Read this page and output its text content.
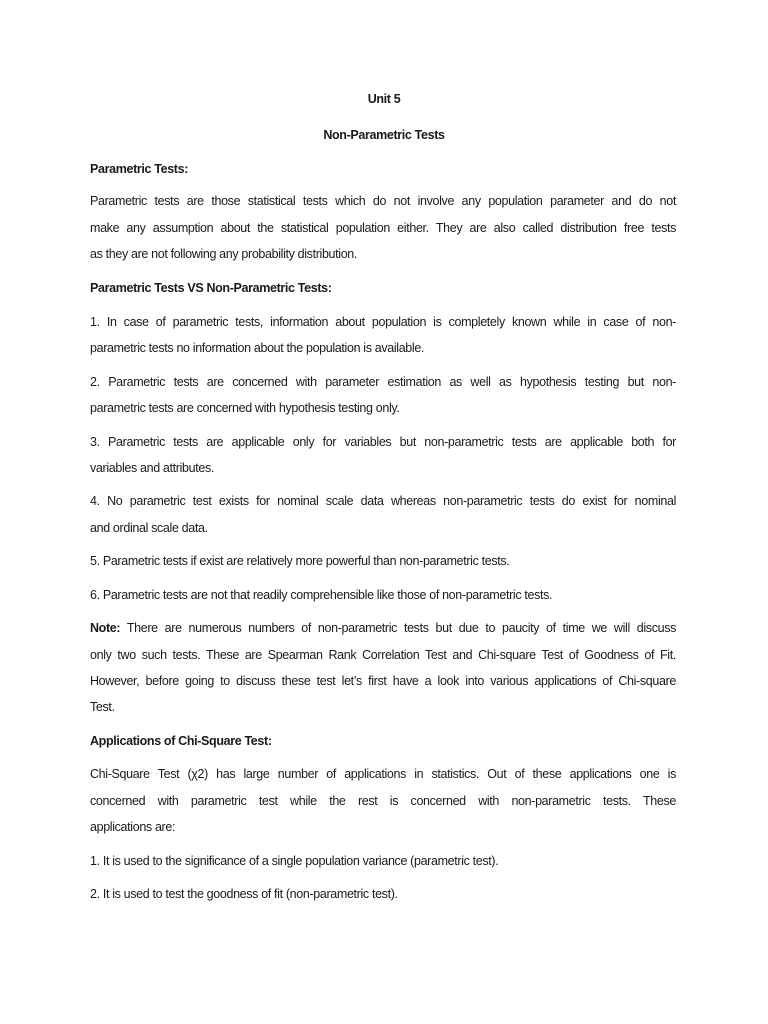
Unit 5

Non-Parametric Tests

Parametric Tests:

Parametric tests are those statistical tests which do not involve any population parameter and do not

make any assumption about the statistical population either. They are also called distribution free tests

as they are not following any probability distribution.

Parametric Tests VS Non-Parametric Tests:

1. In case of parametric tests, information about population is completely known while in case of non-

parametric tests no information about the population is available.

2. Parametric tests are concerned with parameter estimation as well as hypothesis testing but non-

parametric tests are concerned with hypothesis testing only.

3. Parametric tests are applicable only for variables but non-parametric tests are applicable both for

variables and attributes.

4. No parametric test exists for nominal scale data whereas non-parametric tests do exist for nominal

and ordinal scale data.

5. Parametric tests if exist are relatively more powerful than non-parametric tests.

6. Parametric tests are not that readily comprehensible like those of non-parametric tests.

Note: There are numerous numbers of non-parametric tests but due to paucity of time we will discuss

only two such tests. These are Spearman Rank Correlation Test and Chi-square Test of Goodness of Fit.

However, before going to discuss these test let’s first have a look into various applications of Chi-square

Test.

Applications of Chi-Square Test:

Chi-Square Test (χ2) has large number of applications in statistics. Out of these applications one is

concerned with parametric test while the rest is concerned with non-parametric tests. These

applications are:

1. It is used to the significance of a single population variance (parametric test).

2. It is used to test the goodness of fit (non-parametric test).
